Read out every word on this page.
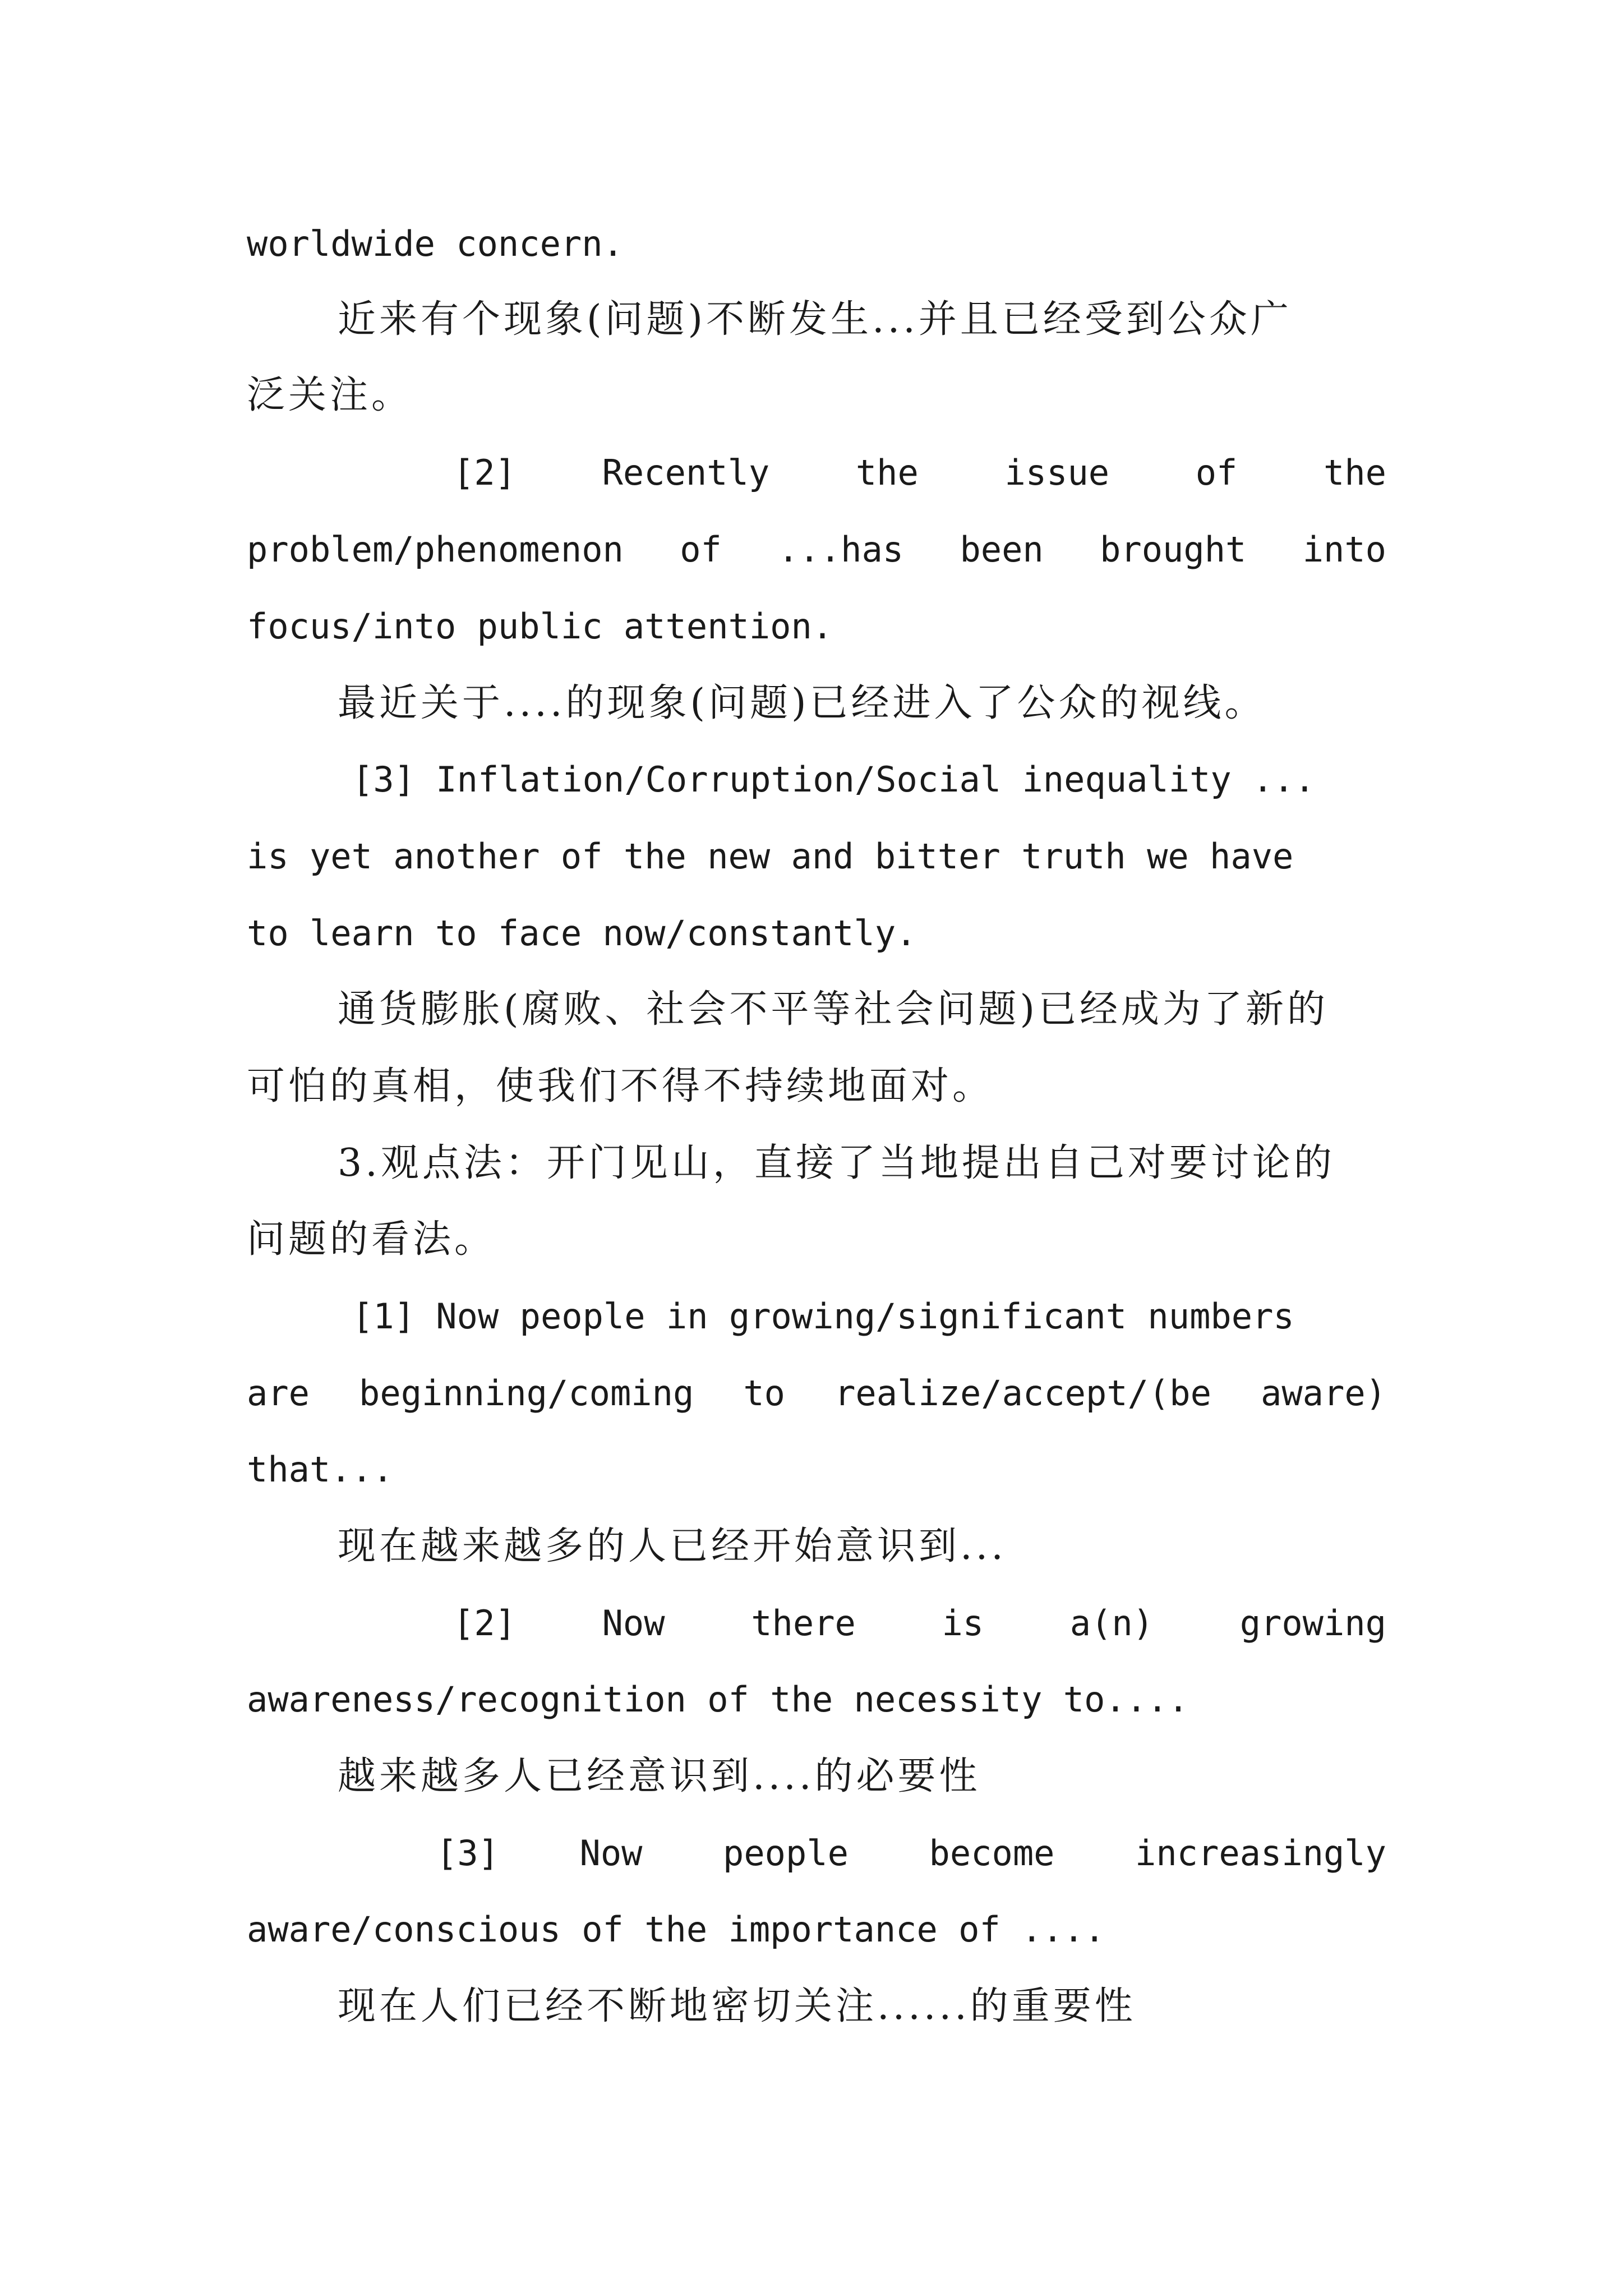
worldwide concern.
近来有个现象(问题)不断发生...并且已经受到公众广
泛关注。
[2] Recently the issue of the
problem/phenomenon of ...has been brought into
focus/into public attention.
最近关于....的现象(问题)已经进入了公众的视线。
[3] Inflation/Corruption/Social inequality ...
is yet another of the new and bitter truth we have
to learn to face now/constantly.
通货膨胀(腐败、社会不平等社会问题)已经成为了新的
可怕的真相，使我们不得不持续地面对。
3.观点法：开门见山，直接了当地提出自己对要讨论的
问题的看法。
[1] Now people in growing/significant numbers
are beginning/coming to realize/accept/(be aware)
that...
现在越来越多的人已经开始意识到...
[2] Now there is a(n) growing
awareness/recognition of the necessity to....
越来越多人已经意识到....的必要性
[3] Now people become increasingly
aware/conscious of the importance of ....
现在人们已经不断地密切关注......的重要性
